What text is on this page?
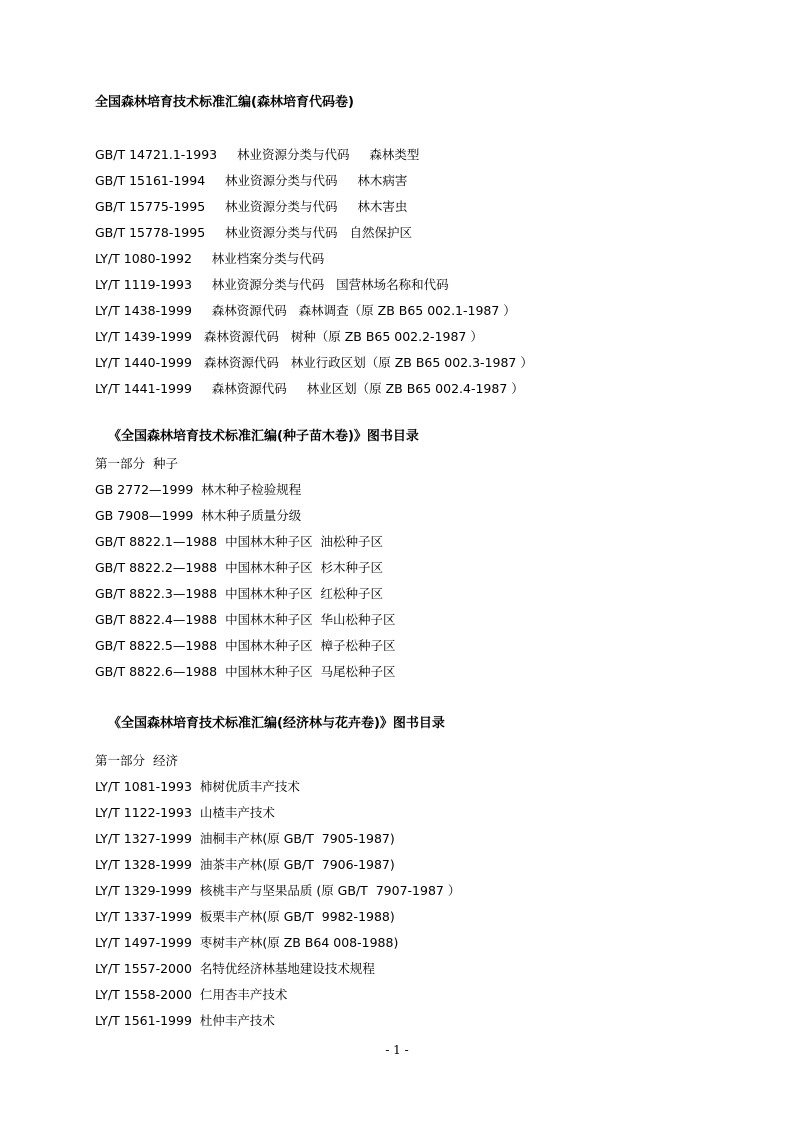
全国森林培育技术标准汇编(森林培育代码卷)
GB/T 14721.1-1993     林业资源分类与代码     森林类型
GB/T 15161-1994     林业资源分类与代码     林木病害
GB/T 15775-1995     林业资源分类与代码     林木害虫
GB/T 15778-1995     林业资源分类与代码   自然保护区
LY/T 1080-1992     林业档案分类与代码
LY/T 1119-1993     林业资源分类与代码   国营林场名称和代码
LY/T 1438-1999     森林资源代码   森林调查（原 ZB B65 002.1-1987 ）
LY/T 1439-1999   森林资源代码   树种（原 ZB B65 002.2-1987 ）
LY/T 1440-1999   森林资源代码   林业行政区划（原 ZB B65 002.3-1987 ）
LY/T 1441-1999     森林资源代码     林业区划（原 ZB B65 002.4-1987 ）
《全国森林培育技术标准汇编(种子苗木卷)》图书目录
第一部分  种子
GB 2772—1999  林木种子检验规程
GB 7908—1999  林木种子质量分级
GB/T 8822.1—1988  中国林木种子区  油松种子区
GB/T 8822.2—1988  中国林木种子区  杉木种子区
GB/T 8822.3—1988  中国林木种子区  红松种子区
GB/T 8822.4—1988  中国林木种子区  华山松种子区
GB/T 8822.5—1988  中国林木种子区  樟子松种子区
GB/T 8822.6—1988  中国林木种子区  马尾松种子区
《全国森林培育技术标准汇编(经济林与花卉卷)》图书目录
第一部分  经济
LY/T 1081-1993  柿树优质丰产技术
LY/T 1122-1993  山楂丰产技术
LY/T 1327-1999  油桐丰产林(原 GB/T  7905-1987)
LY/T 1328-1999  油茶丰产林(原 GB/T  7906-1987)
LY/T 1329-1999  核桃丰产与坚果品质 (原 GB/T  7907-1987 ）
LY/T 1337-1999  板栗丰产林(原 GB/T  9982-1988)
LY/T 1497-1999  枣树丰产林(原 ZB B64 008-1988)
LY/T 1557-2000  名特优经济林基地建设技术规程
LY/T 1558-2000  仁用杏丰产技术
LY/T 1561-1999  杜仲丰产技术
- 1 -
